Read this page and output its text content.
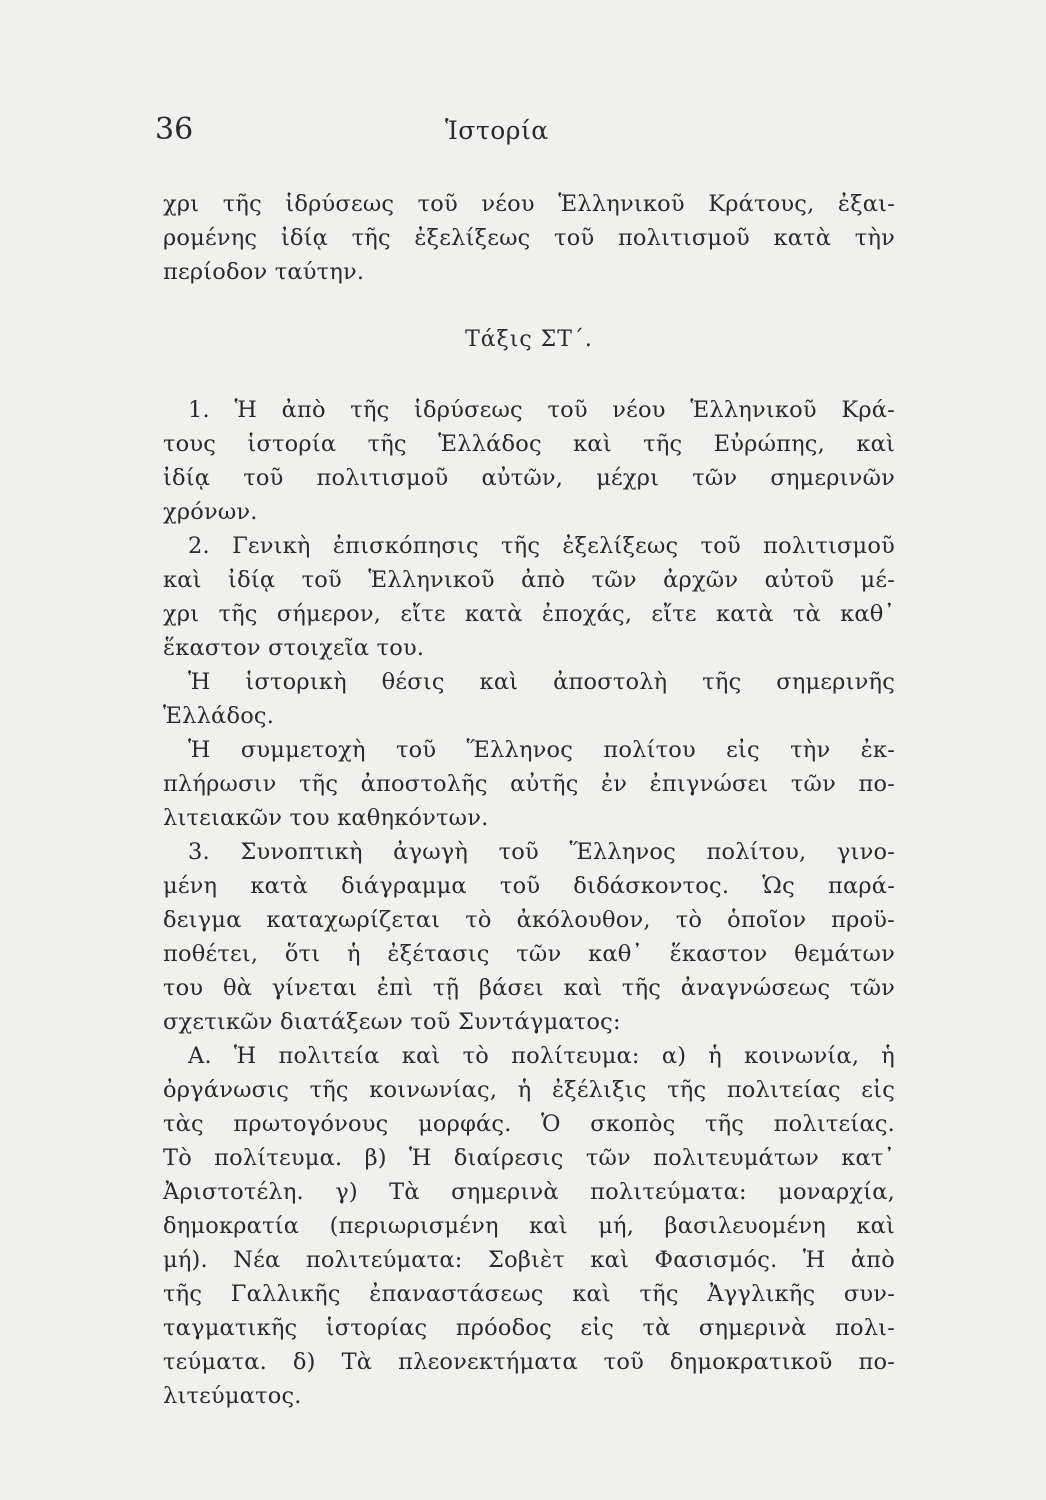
36	Ἱστορία
χρι τῆς ἱδρύσεως τοῦ νέου Ἑλληνικοῦ Κράτους, ἐξαι-
ρομένης ἰδίᾳ τῆς ἐξελίξεως τοῦ πολιτισμοῦ κατὰ τὴν
περίοδον ταύτην.
Τάξις ΣΤ΄.
1. Ἡ ἀπὸ τῆς ἱδρύσεως τοῦ νέου Ἑλληνικοῦ Κρά-
τους ἱστορία τῆς Ἑλλάδος καὶ τῆς Εὐρώπης, καὶ
ἰδίᾳ τοῦ πολιτισμοῦ αὐτῶν, μέχρι τῶν σημερινῶν
χρόνων.
2. Γενικὴ ἐπισκόπησις τῆς ἐξελίξεως τοῦ πολιτισμοῦ
καὶ ἰδίᾳ τοῦ Ἑλληνικοῦ ἀπὸ τῶν ἀρχῶν αὐτοῦ μέ-
χρι τῆς σήμερον, εἴτε κατὰ ἐποχάς, εἴτε κατὰ τὰ καθ᾽
ἕκαστον στοιχεῖα του.
Ἡ ἱστορικὴ θέσις καὶ ἀποστολὴ τῆς σημερινῆς
Ἑλλάδος.
Ἡ συμμετοχὴ τοῦ Ἕλληνος πολίτου εἰς τὴν ἐκ-
πλήρωσιν τῆς ἀποστολῆς αὐτῆς ἐν ἐπιγνώσει τῶν πο-
λιτειακῶν του καθηκόντων.
3. Συνοπτικὴ ἀγωγὴ τοῦ Ἕλληνος πολίτου, γινο-
μένη κατὰ διάγραμμα τοῦ διδάσκοντος. Ὡς παρά-
δειγμα καταχωρίζεται τὸ ἀκόλουθον, τὸ ὁποῖον προϋ-
ποθέτει, ὅτι ἡ ἐξέτασις τῶν καθ᾽ ἕκαστον θεμάτων
του θὰ γίνεται ἐπὶ τῇ βάσει καὶ τῆς ἀναγνώσεως τῶν
σχετικῶν διατάξεων τοῦ Συντάγματος:
Α. Ἡ πολιτεία καὶ τὸ πολίτευμα: α) ἡ κοινωνία, ἡ
ὀργάνωσις τῆς κοινωνίας, ἡ ἐξέλιξις τῆς πολιτείας εἰς
τὰς πρωτογόνους μορφάς. Ὁ σκοπὸς τῆς πολιτείας.
Τὸ πολίτευμα. β) Ἡ διαίρεσις τῶν πολιτευμάτων κατ᾽
Ἀριστοτέλη. γ) Τὰ σημερινὰ πολιτεύματα: μοναρχία,
δημοκρατία (περιωρισμένη καὶ μή, βασιλευομένη καὶ
μή). Νέα πολιτεύματα: Σοβιὲτ καὶ Φασισμός. Ἡ ἀπὸ
τῆς Γαλλικῆς ἐπαναστάσεως καὶ τῆς Ἀγγλικῆς συν-
ταγματικῆς ἱστορίας πρόοδος εἰς τὰ σημερινὰ πολι-
τεύματα. δ) Τὰ πλεονεκτήματα τοῦ δημοκρατικοῦ πο-
λιτεύματος.
